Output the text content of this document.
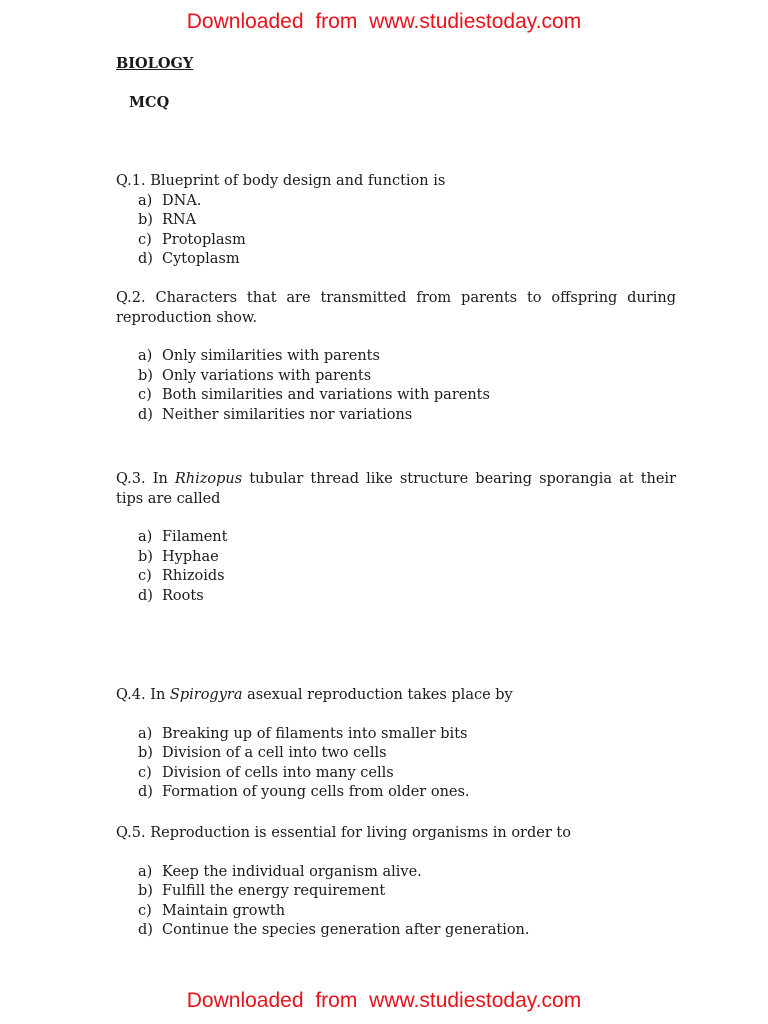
Downloaded from www.studiestoday.com

BIOLOGY

MCQ

Q.1. Blueprint of body design and function is

a) DNA.
b) RNA
c) Protoplasm
d) Cytoplasm

Q.2. Characters that are transmitted from parents to offspring during reproduction show.

a) Only similarities with parents
b) Only variations with parents
c) Both similarities and variations with parents
d) Neither similarities nor variations

Q.3. In Rhizopus tubular thread like structure bearing sporangia at their tips are called

a) Filament
b) Hyphae
c) Rhizoids
d) Roots

Q.4. In Spirogyra asexual reproduction takes place by

a) Breaking up of filaments into smaller bits
b) Division of a cell into two cells
c) Division of cells into many cells
d) Formation of young cells from older ones.

Q.5. Reproduction is essential for living organisms in order to

a) Keep the individual organism alive.
b) Fulfill the energy requirement
c) Maintain growth
d) Continue the species generation after generation.
Downloaded from www.studiestoday.com
